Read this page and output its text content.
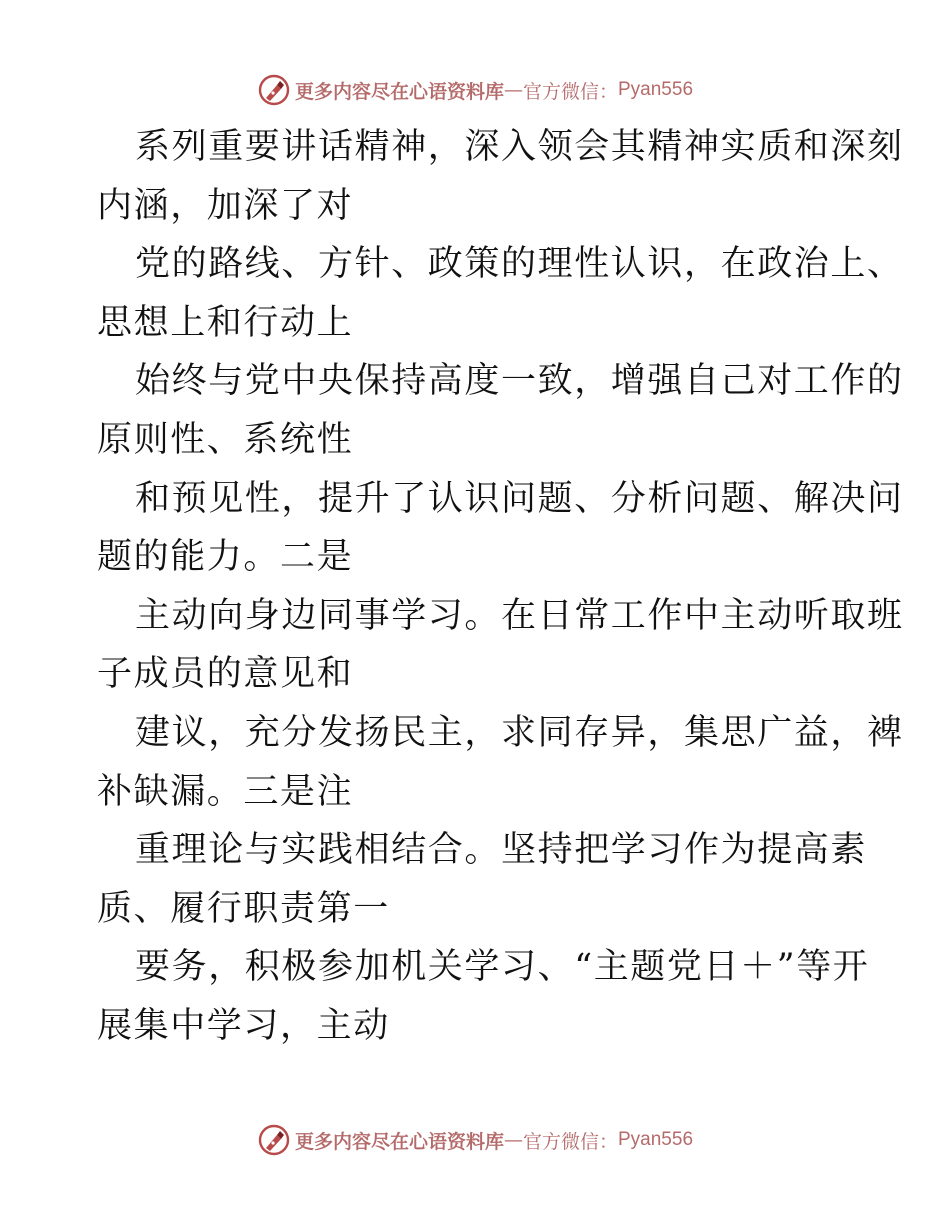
更多内容尽在心语资料库 — 官方微信： Pyan556
系列重要讲话精神，深入领会其精神实质和深刻
内涵，加深了对
党的路线、方针、政策的理性认识，在政治上、
思想上和行动上
始终与党中央保持高度一致，增强自己对工作的
原则性、系统性
和预见性，提升了认识问题、分析问题、解决问
题的能力。二是
主动向身边同事学习。在日常工作中主动听取班
子成员的意见和
建议，充分发扬民主，求同存异，集思广益，裨
补缺漏。三是注
重理论与实践相结合。坚持把学习作为提高素
质、履行职责第一
要务，积极参加机关学习、“主题党日＋”等开
展集中学习，主动
更多内容尽在心语资料库 — 官方微信： Pyan556
